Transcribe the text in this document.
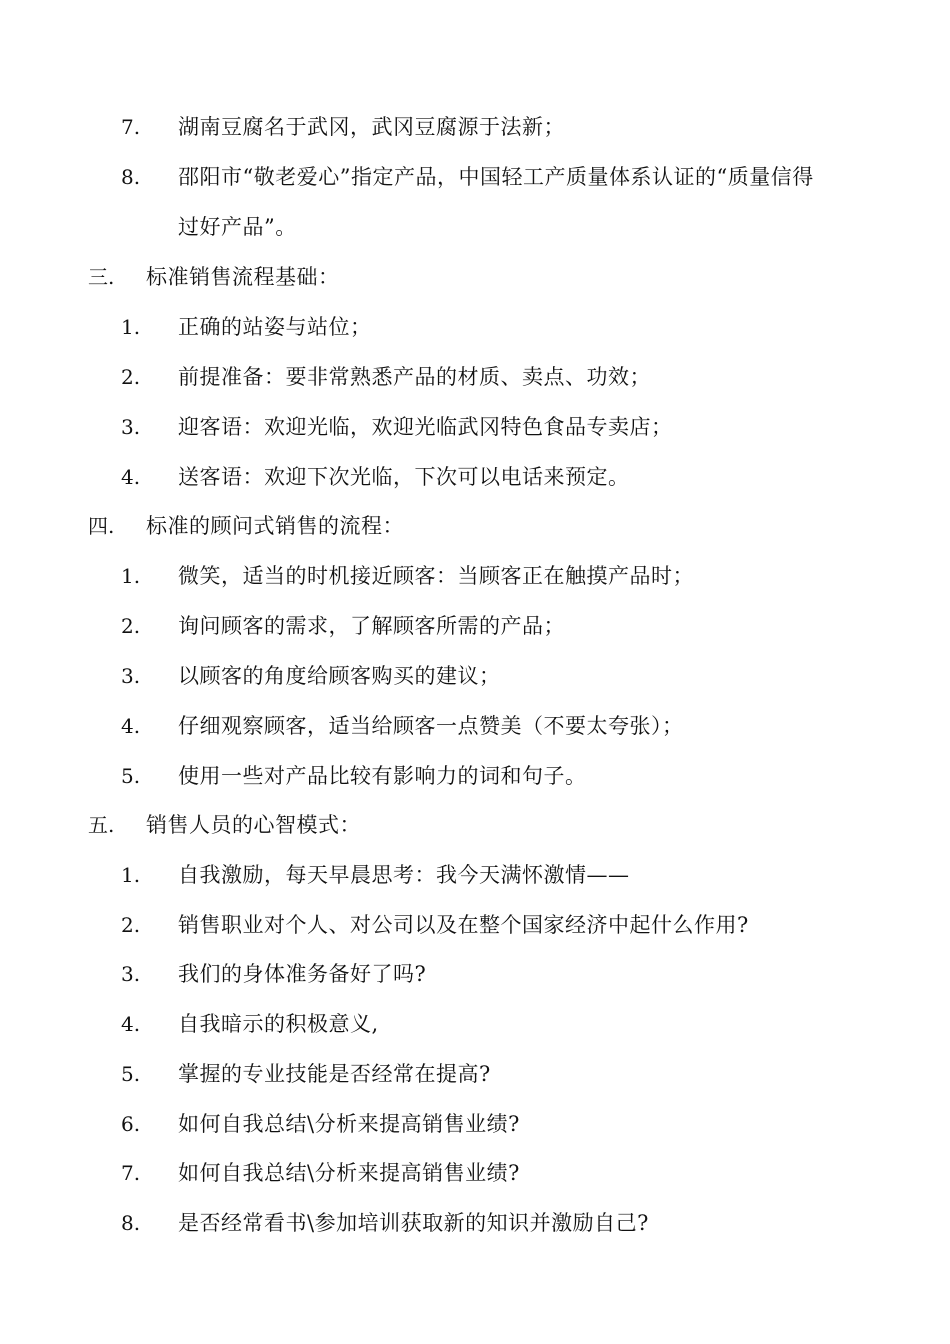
7. 湖南豆腐名于武冈，武冈豆腐源于法新；
8. 邵阳市“敬老爱心”指定产品，中国轻工产质量体系认证的“质量信得
过好产品”。
三. 标准销售流程基础：
1. 正确的站姿与站位；
2. 前提准备：要非常熟悉产品的材质、卖点、功效；
3. 迎客语：欢迎光临，欢迎光临武冈特色食品专卖店；
4. 送客语：欢迎下次光临，下次可以电话来预定。
四. 标准的顾问式销售的流程：
1. 微笑，适当的时机接近顾客：当顾客正在触摸产品时；
2. 询问顾客的需求，了解顾客所需的产品；
3. 以顾客的角度给顾客购买的建议；
4. 仔细观察顾客，适当给顾客一点赞美（不要太夸张）；
5. 使用一些对产品比较有影响力的词和句子。
五. 销售人员的心智模式：
1. 自我激励，每天早晨思考：我今天满怀激情——
2. 销售职业对个人、对公司以及在整个国家经济中起什么作用?
3. 我们的身体准务备好了吗?
4. 自我暗示的积极意义,
5. 掌握的专业技能是否经常在提高?
6. 如何自我总结\分析来提高销售业绩?
7. 如何自我总结\分析来提高销售业绩?
8. 是否经常看书\参加培训获取新的知识并激励自己?
